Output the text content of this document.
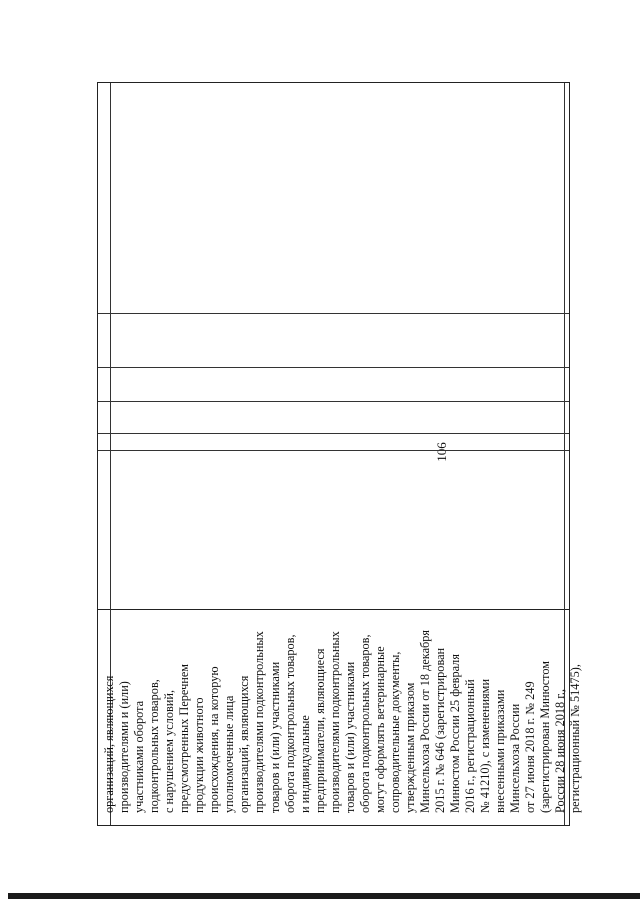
106
организаций, являющихся производителями и (или) участниками оборота подконтрольных товаров, с нарушением условий, предусмотренных Перечнем продукции животного происхождения, на которую уполномоченные лица организаций, являющихся производителями подконтрольных товаров и (или) участниками оборота подконтрольных товаров, и индивидуальные предприниматели, являющиеся производителями подконтрольных товаров и (или) участниками оборота подконтрольных товаров, могут оформлять ветеринарные сопроводительные документы, утвержденным приказом Минсельхоза России от 18 декабря 2015 г. № 646 (зарегистрирован Минюстом России 25 февраля 2016 г., регистрационный № 41210), с изменениями внесенными приказами Минсельхоза России от 27 июня 2018 г. № 249 (зарегистрирован Минюстом России 28 июня 2018 г., регистрационный № 51475),
